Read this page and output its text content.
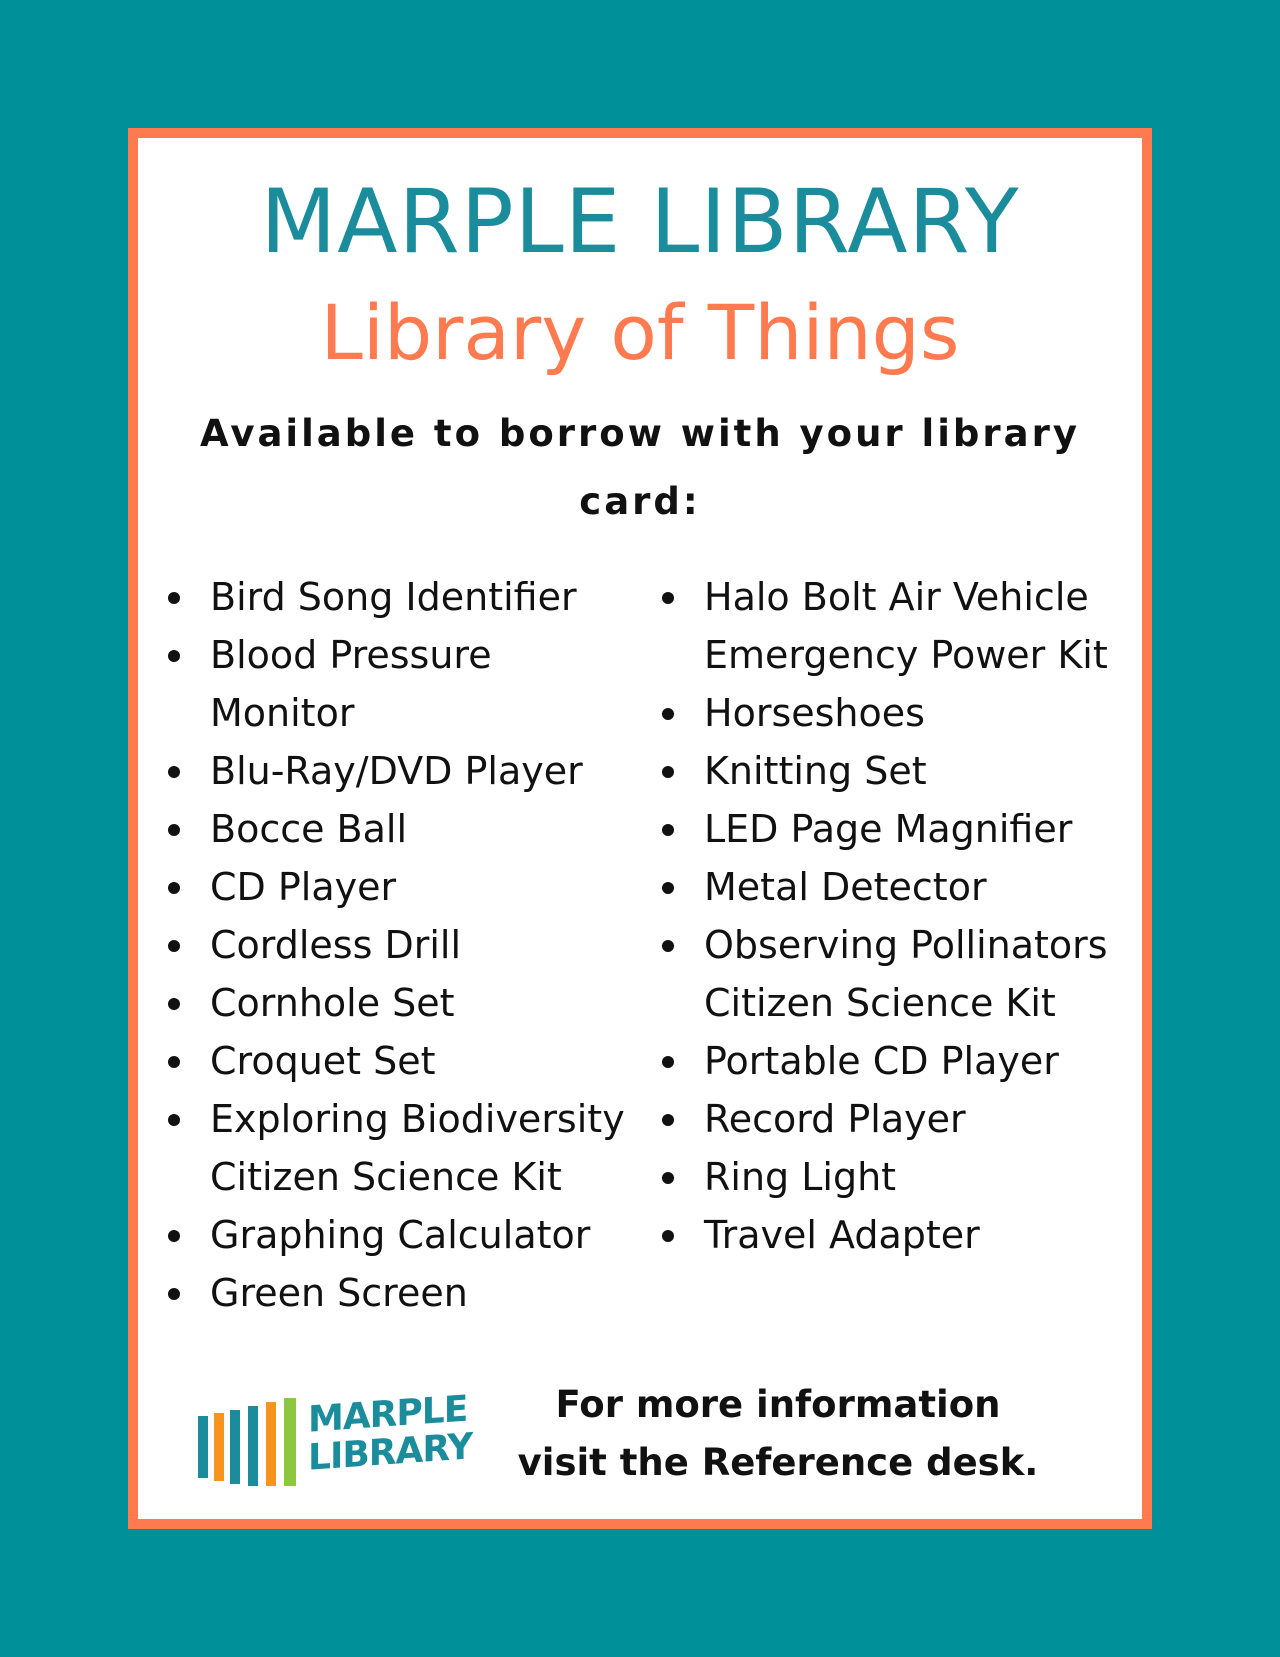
MARPLE LIBRARY
Library of Things
Available to borrow with your library card:
Bird Song Identifier
Blood Pressure Monitor
Blu-Ray/DVD Player
Bocce Ball
CD Player
Cordless Drill
Cornhole Set
Croquet Set
Exploring Biodiversity Citizen Science Kit
Graphing Calculator
Green Screen
Halo Bolt Air Vehicle Emergency Power Kit
Horseshoes
Knitting Set
LED Page Magnifier
Metal Detector
Observing Pollinators Citizen Science Kit
Portable CD Player
Record Player
Ring Light
Travel Adapter
MARPLE
LIBRARY
For more information
visit the Reference desk.
